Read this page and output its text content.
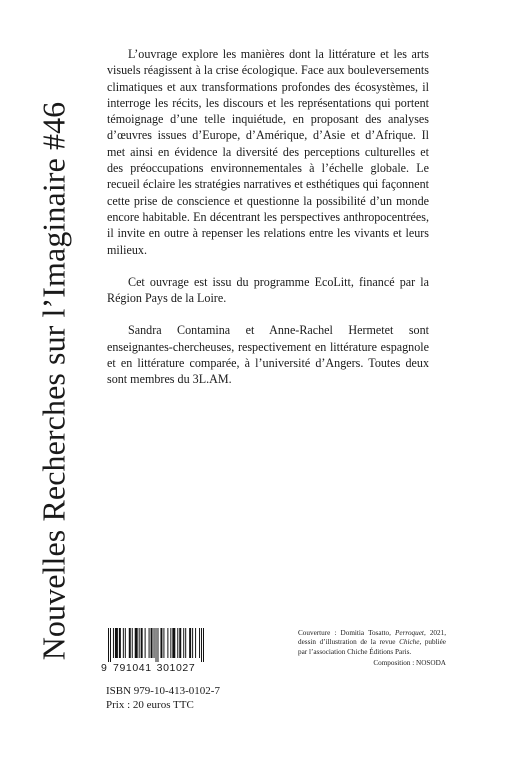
Nouvelles Recherches sur l’Imaginaire #46

L’ouvrage explore les manières dont la littérature et les arts visuels réagissent à la crise écologique. Face aux bouleversements climatiques et aux transformations profondes des écosystèmes, il interroge les récits, les discours et les représentations qui portent témoignage d’une telle inquiétude, en proposant des analyses d’œuvres issues d’Europe, d’Amérique, d’Asie et d’Afrique. Il met ainsi en évidence la diversité des perceptions culturelles et des préoccupations environnementales à l’échelle globale. Le recueil éclaire les stratégies narratives et esthétiques qui façonnent cette prise de conscience et questionne la possibilité d’un monde encore habitable. En décentrant les perspectives anthropocentrées, il invite en outre à repenser les relations entre les vivants et leurs milieux.

Cet ouvrage est issu du programme EcoLitt, financé par la Région Pays de la Loire.

Sandra Contamina et Anne-Rachel Hermetet sont enseignantes-chercheuses, respectivement en littérature espagnole et en littérature comparée, à l’université d’Angers. Toutes deux sont membres du 3L.AM.

9 791041 301027
ISBN 979-10-413-0102-7
Prix : 20 euros TTC
Couverture : Domitia Tosatto, Perroquet, 2021, dessin d’illustration de la revue Chiche, publiée par l’association Chiche Éditions Paris.
Composition : NOSODA
